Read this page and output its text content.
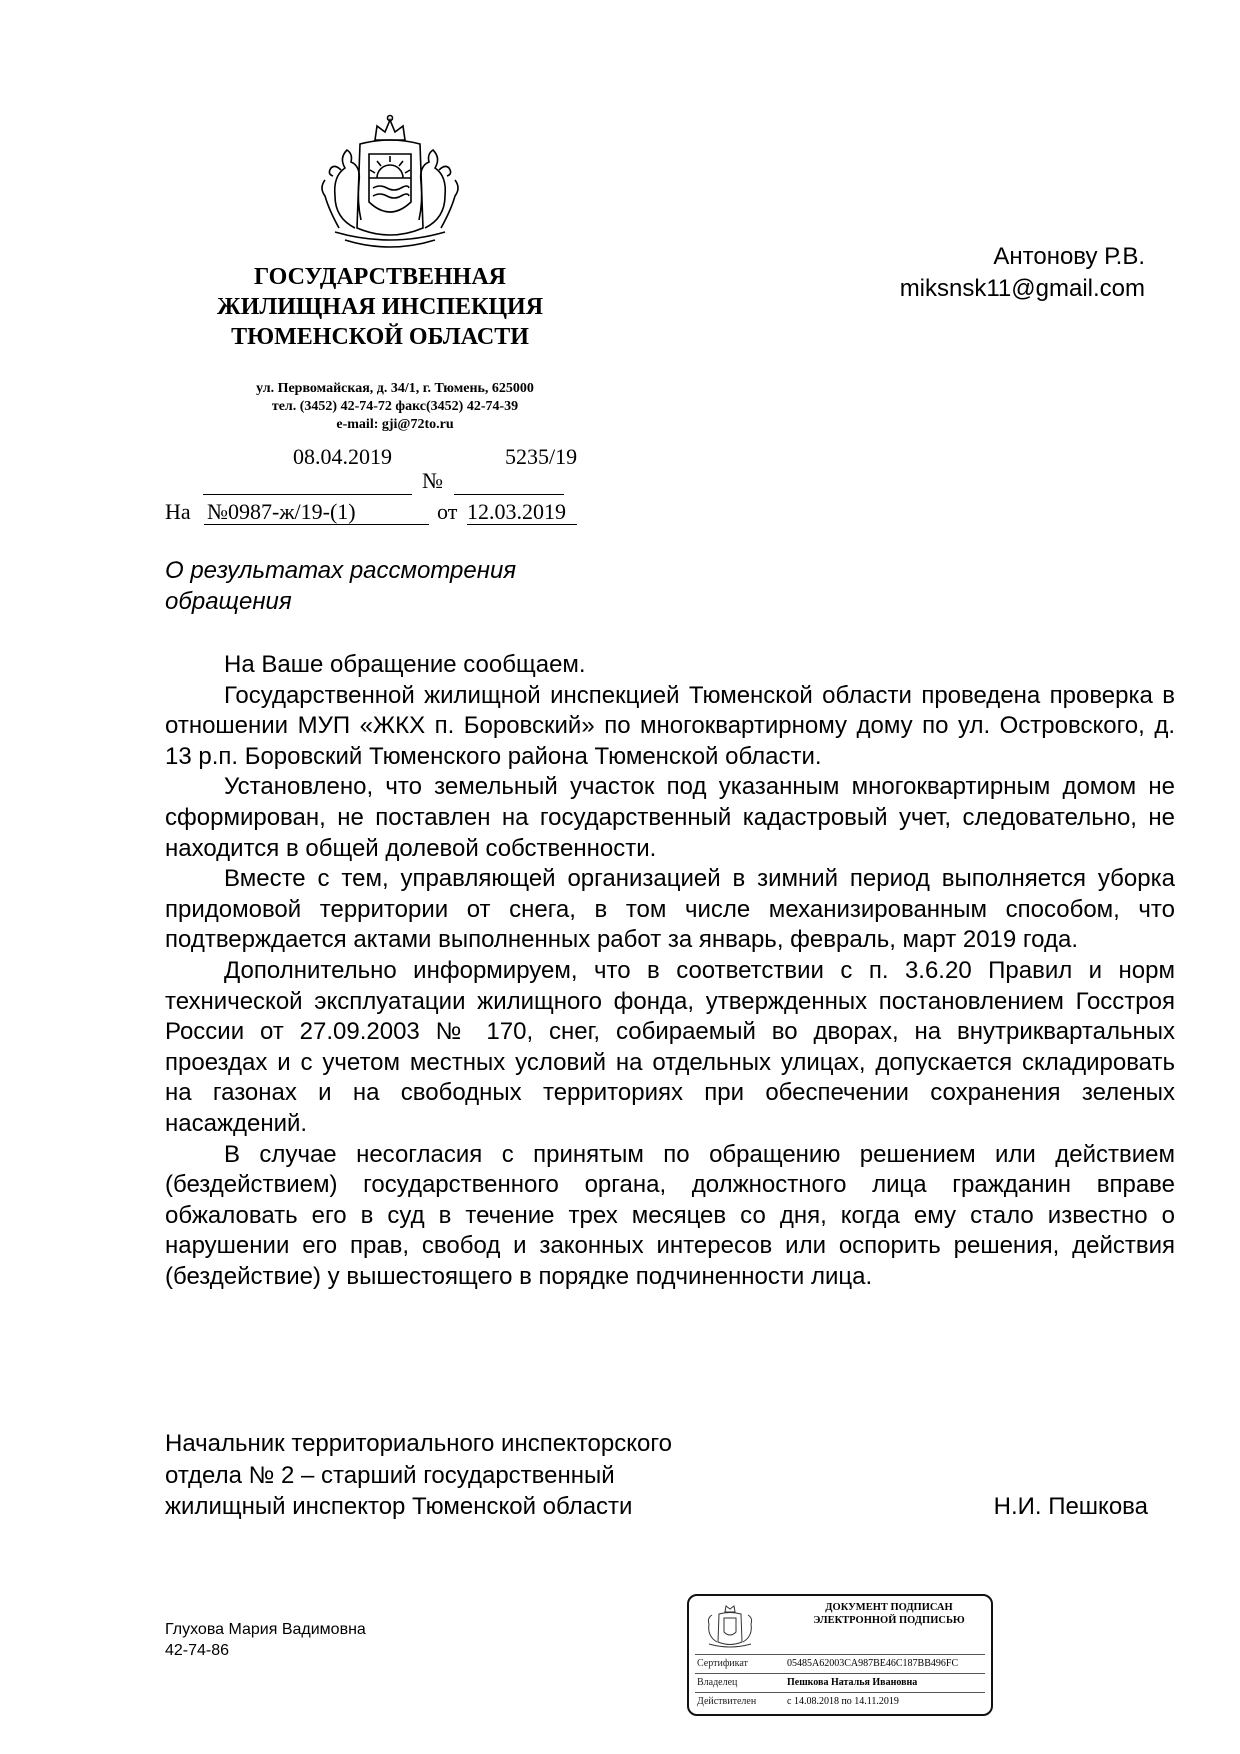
ГОСУДАРСТВЕННАЯ
ЖИЛИЩНАЯ ИНСПЕКЦИЯ
ТЮМЕНСКОЙ ОБЛАСТИ
ул. Первомайская, д. 34/1, г. Тюмень, 625000
тел. (3452) 42-74-72 факс(3452) 42-74-39
e-mail: gji@72to.ru
08.04.2019	5235/19
№
На №0987-ж/19-(1)	от 12.03.2019
Антонову Р.В.
miksnsk11@gmail.com
О результатах рассмотрения
обращения

На Ваше обращение сообщаем.

Государственной жилищной инспекцией Тюменской области проведена проверка в отношении МУП «ЖКХ п. Боровский» по многоквартирному дому по ул. Островского, д. 13 р.п. Боровский Тюменского района Тюменской области.

Установлено, что земельный участок под указанным многоквартирным домом не сформирован, не поставлен на государственный кадастровый учет, следовательно, не находится в общей долевой собственности.

Вместе с тем, управляющей организацией в зимний период выполняется уборка придомовой территории от снега, в том числе механизированным способом, что подтверждается актами выполненных работ за январь, февраль, март 2019 года.

Дополнительно информируем, что в соответствии с п. 3.6.20 Правил и норм технической эксплуатации жилищного фонда, утвержденных постановлением Госстроя России от 27.09.2003 № 170, снег, собираемый во дворах, на внутриквартальных проездах и с учетом местных условий на отдельных улицах, допускается складировать на газонах и на свободных территориях при обеспечении сохранения зеленых насаждений.

В случае несогласия с принятым по обращению решением или действием (бездействием) государственного органа, должностного лица гражданин вправе обжаловать его в суд в течение трех месяцев со дня, когда ему стало известно о нарушении его прав, свобод и законных интересов или оспорить решения, действия (бездействие) у вышестоящего в порядке подчиненности лица.

Начальник территориального инспекторского
отдела № 2 – старший государственный
жилищный инспектор Тюменской области	Н.И. Пешкова
Глухова Мария Вадимовна
42-74-86
ДОКУМЕНТ ПОДПИСАН
ЭЛЕКТРОННОЙ ПОДПИСЬЮ
Сертификат	05485A62003CA987BE46C187BB496FC
Владелец	Пешкова Наталья Ивановна
Действителен	с 14.08.2018 по 14.11.2019
